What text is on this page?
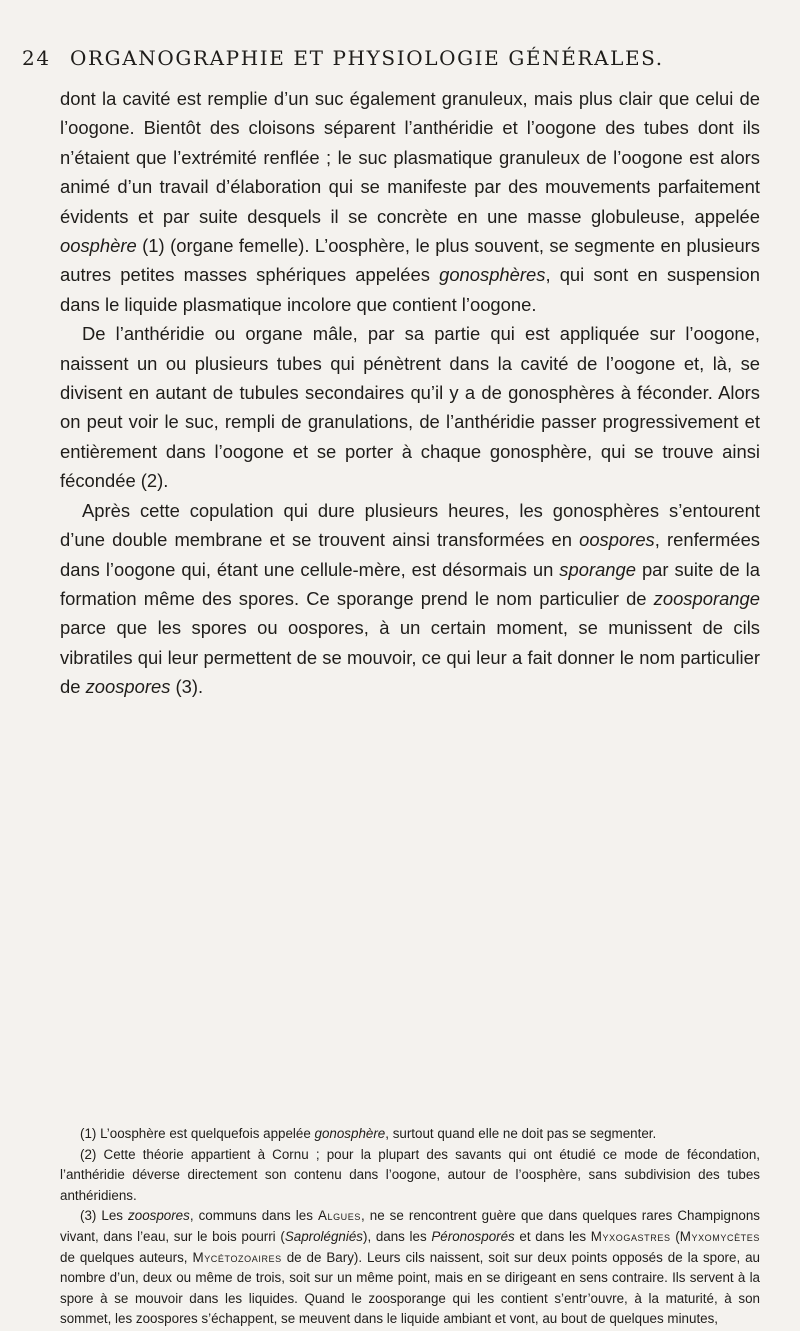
24 ORGANOGRAPHIE ET PHYSIOLOGIE GÉNÉRALES.

dont la cavité est remplie d’un suc également granuleux, mais plus clair que celui de l’oogone. Bientôt des cloisons séparent l’anthéridie et l’oogone des tubes dont ils n’étaient que l’extrémité renflée ; le suc plasmatique granuleux de l’oogone est alors animé d’un travail d’élaboration qui se manifeste par des mouvements parfaitement évidents et par suite desquels il se concrète en une masse globuleuse, appelée oosphère (1) (organe femelle). L’oosphère, le plus souvent, se segmente en plusieurs autres petites masses sphériques appelées gonosphères, qui sont en suspension dans le liquide plasmatique incolore que contient l’oogone.

De l’anthéridie ou organe mâle, par sa partie qui est appliquée sur l’oogone, naissent un ou plusieurs tubes qui pénètrent dans la cavité de l’oogone et, là, se divisent en autant de tubules secondaires qu’il y a de gonosphères à féconder. Alors on peut voir le suc, rempli de granulations, de l’anthéridie passer progressivement et entièrement dans l’oogone et se porter à chaque gonosphère, qui se trouve ainsi fécondée (2).

Après cette copulation qui dure plusieurs heures, les gonosphères s’entourent d’une double membrane et se trouvent ainsi transformées en oospores, renfermées dans l’oogone qui, étant une cellule-mère, est désormais un sporange par suite de la formation même des spores. Ce sporange prend le nom particulier de zoosporange parce que les spores ou oospores, à un certain moment, se munissent de cils vibratiles qui leur permettent de se mouvoir, ce qui leur a fait donner le nom particulier de zoospores (3).

(1) L’oosphère est quelquefois appelée gonosphère, surtout quand elle ne doit pas se segmenter.

(2) Cette théorie appartient à Cornu ; pour la plupart des savants qui ont étudié ce mode de fécondation, l’anthéridie déverse directement son contenu dans l’oogone, autour de l’oosphère, sans subdivision des tubes anthéridiens.

(3) Les zoospores, communs dans les Algues, ne se rencontrent guère que dans quelques rares Champignons vivant, dans l’eau, sur le bois pourri (Saprolégniés), dans les Péronosporés et dans les Myxogastres (Myxomycètes de quelques auteurs, Mycétozoaires de de Bary). Leurs cils naissent, soit sur deux points opposés de la spore, au nombre d’un, deux ou même de trois, soit sur un même point, mais en se dirigeant en sens contraire. Ils servent à la spore à se mouvoir dans les liquides. Quand le zoosporange qui les contient s’entr’ouvre, à la maturité, à son sommet, les zoospores s’échappent, se meuvent dans le liquide ambiant et vont, au bout de quelques minutes,
